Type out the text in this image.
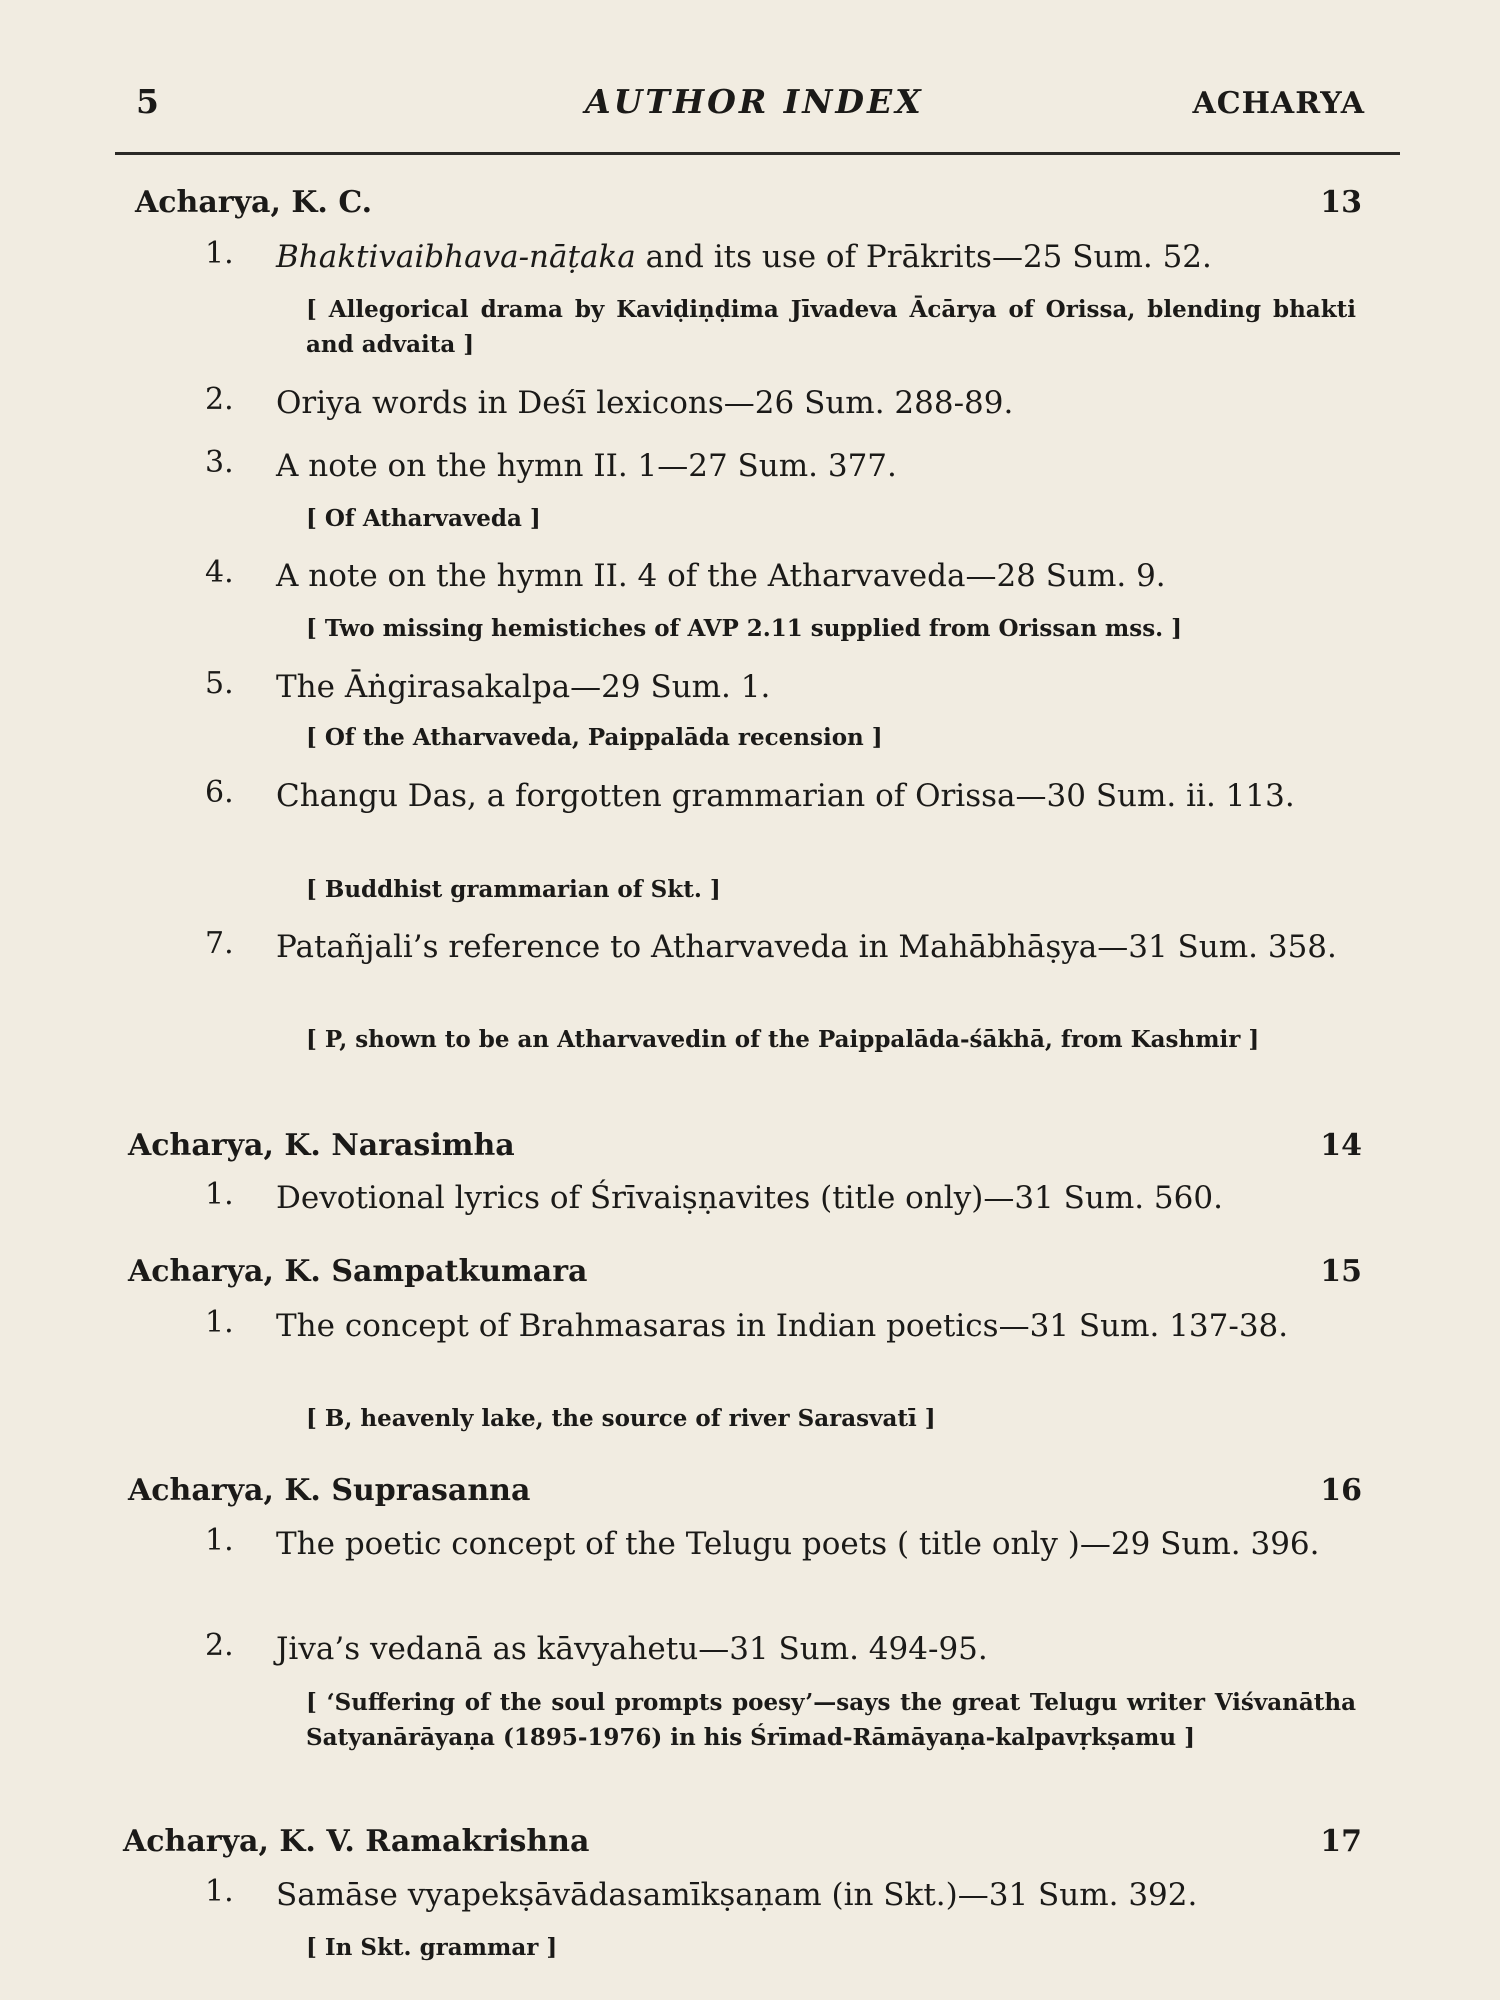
5	AUTHOR INDEX	ACHARYA
Acharya, K. C.	13
1. Bhaktivaibhava-nāṭaka and its use of Prākrits—25 Sum. 52.
[ Allegorical drama by Kaviḍiṇḍima Jīvadeva Ācārya of Orissa, blending bhakti and advaita ]
2. Oriya words in Deśī lexicons—26 Sum. 288-89.
3. A note on the hymn II. 1—27 Sum. 377.
[ Of Atharvaveda ]
4. A note on the hymn II. 4 of the Atharvaveda—28 Sum. 9.
[ Two missing hemistiches of AVP 2.11 supplied from Orissan mss. ]
5. The Āṅgirasakalpa—29 Sum. 1.
[ Of the Atharvaveda, Paippalāda recension ]
6. Changu Das, a forgotten grammarian of Orissa—30 Sum. ii. 113.
[ Buddhist grammarian of Skt. ]
7. Patañjali’s reference to Atharvaveda in Mahābhāṣya—31 Sum. 358.
[ P, shown to be an Atharvavedin of the Paippalāda-śākhā, from Kashmir ]
Acharya, K. Narasimha	14
1. Devotional lyrics of Śrīvaiṣṇavites (title only)—31 Sum. 560.
Acharya, K. Sampatkumara	15
1. The concept of Brahmasaras in Indian poetics—31 Sum. 137-38.
[ B, heavenly lake, the source of river Sarasvatī ]
Acharya, K. Suprasanna	16
1. The poetic concept of the Telugu poets ( title only )—29 Sum. 396.
2. Jiva’s vedanā as kāvyahetu—31 Sum. 494-95.
[ ‘Suffering of the soul prompts poesy’—says the great Telugu writer Viśvanātha Satyanārāyaṇa (1895-1976) in his Śrīmad-Rāmāyaṇa-kalpavṛkṣamu ]
Acharya, K. V. Ramakrishna	17
1. Samāse vyapekṣāvādasamīkṣaṇam (in Skt.)—31 Sum. 392.
[ In Skt. grammar ]
